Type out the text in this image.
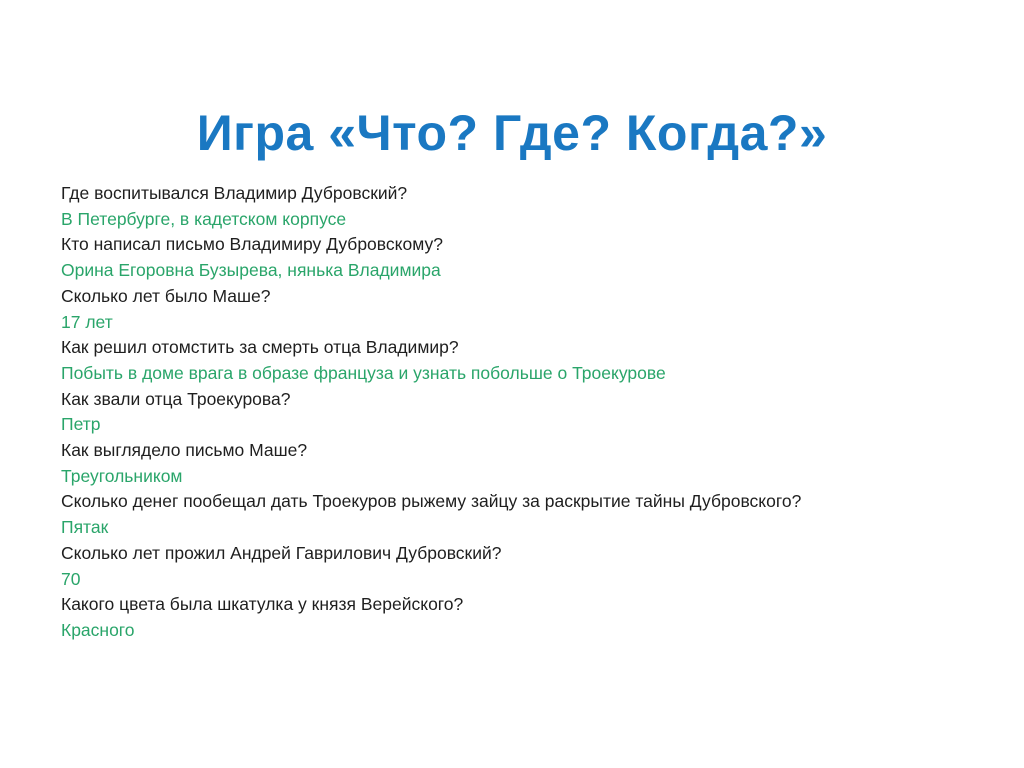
Игра «Что? Где? Когда?»
Где воспитывался Владимир Дубровский?
В Петербурге, в кадетском корпусе
Кто написал письмо Владимиру Дубровскому?
Орина Егоровна Бузырева, нянька Владимира
Сколько лет было Маше?
17 лет
Как решил отомстить за смерть отца Владимир?
Побыть в доме врага в образе француза и узнать побольше о Троекурове
Как звали отца Троекурова?
Петр
Как выглядело письмо Маше?
Треугольником
Сколько денег пообещал дать Троекуров рыжему зайцу за раскрытие тайны Дубровского?
Пятак
Сколько лет прожил Андрей Гаврилович Дубровский?
70
Какого цвета была шкатулка у князя Верейского?
Красного
